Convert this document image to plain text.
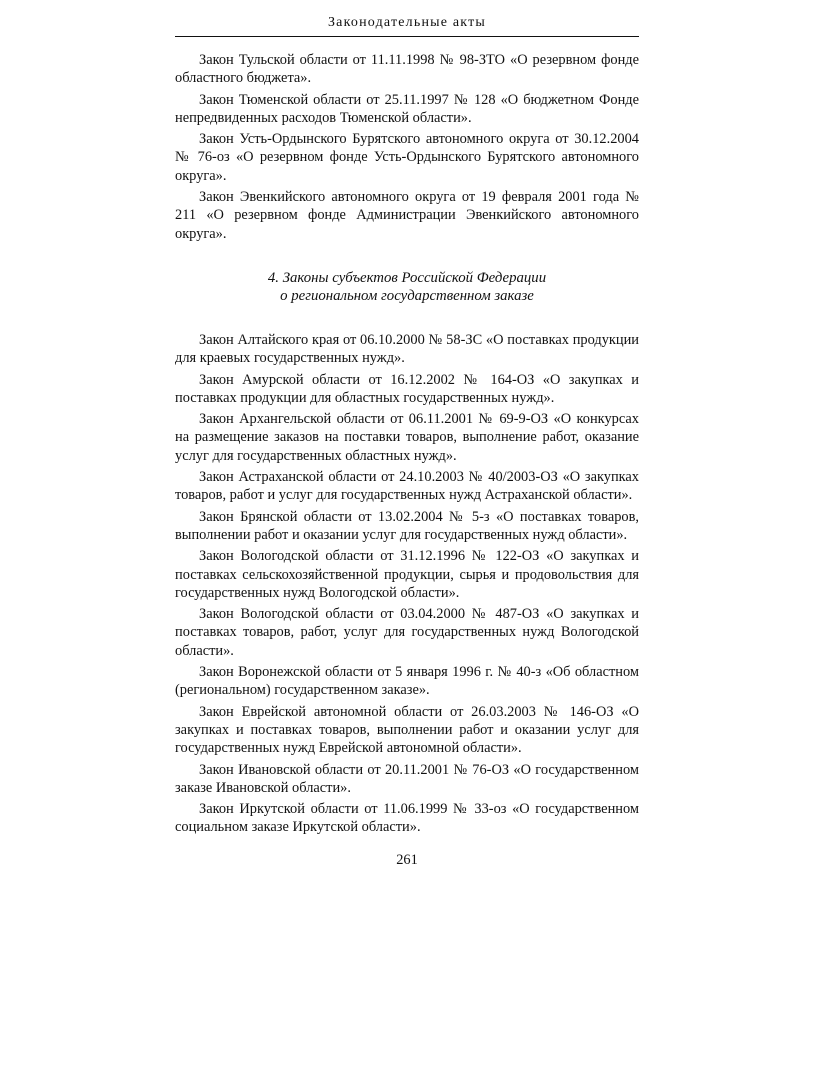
Законодательные акты

Закон Тульской области от 11.11.1998 № 98-ЗТО «О резервном фонде областного бюджета».

Закон Тюменской области от 25.11.1997 № 128 «О бюджетном Фонде непредвиденных расходов Тюменской области».

Закон Усть-Ордынского Бурятского автономного округа от 30.12.2004 № 76-оз «О резервном фонде Усть-Ордынского Бурятского автономного округа».

Закон Эвенкийского автономного округа от 19 февраля 2001 года № 211 «О резервном фонде Администрации Эвенкийского автономного округа».

4. Законы субъектов Российской Федерации
о региональном государственном заказе

Закон Алтайского края от 06.10.2000 № 58-ЗС «О поставках продукции для краевых государственных нужд».

Закон Амурской области от 16.12.2002 № 164-ОЗ «О закупках и поставках продукции для областных государственных нужд».

Закон Архангельской области от 06.11.2001 № 69-9-ОЗ «О конкурсах на размещение заказов на поставки товаров, выполнение работ, оказание услуг для государственных областных нужд».

Закон Астраханской области от 24.10.2003 № 40/2003-ОЗ «О закупках товаров, работ и услуг для государственных нужд Астраханской области».

Закон Брянской области от 13.02.2004 № 5-з «О поставках товаров, выполнении работ и оказании услуг для государственных нужд области».

Закон Вологодской области от 31.12.1996 № 122-ОЗ «О закупках и поставках сельскохозяйственной продукции, сырья и продовольствия для государственных нужд Вологодской области».

Закон Вологодской области от 03.04.2000 № 487-ОЗ «О закупках и поставках товаров, работ, услуг для государственных нужд Вологодской области».

Закон Воронежской области от 5 января 1996 г. № 40-з «Об областном (региональном) государственном заказе».

Закон Еврейской автономной области от 26.03.2003 № 146-ОЗ «О закупках и поставках товаров, выполнении работ и оказании услуг для государственных нужд Еврейской автономной области».

Закон Ивановской области от 20.11.2001 № 76-ОЗ «О государственном заказе Ивановской области».

Закон Иркутской области от 11.06.1999 № 33-оз «О государственном социальном заказе Иркутской области».

261
